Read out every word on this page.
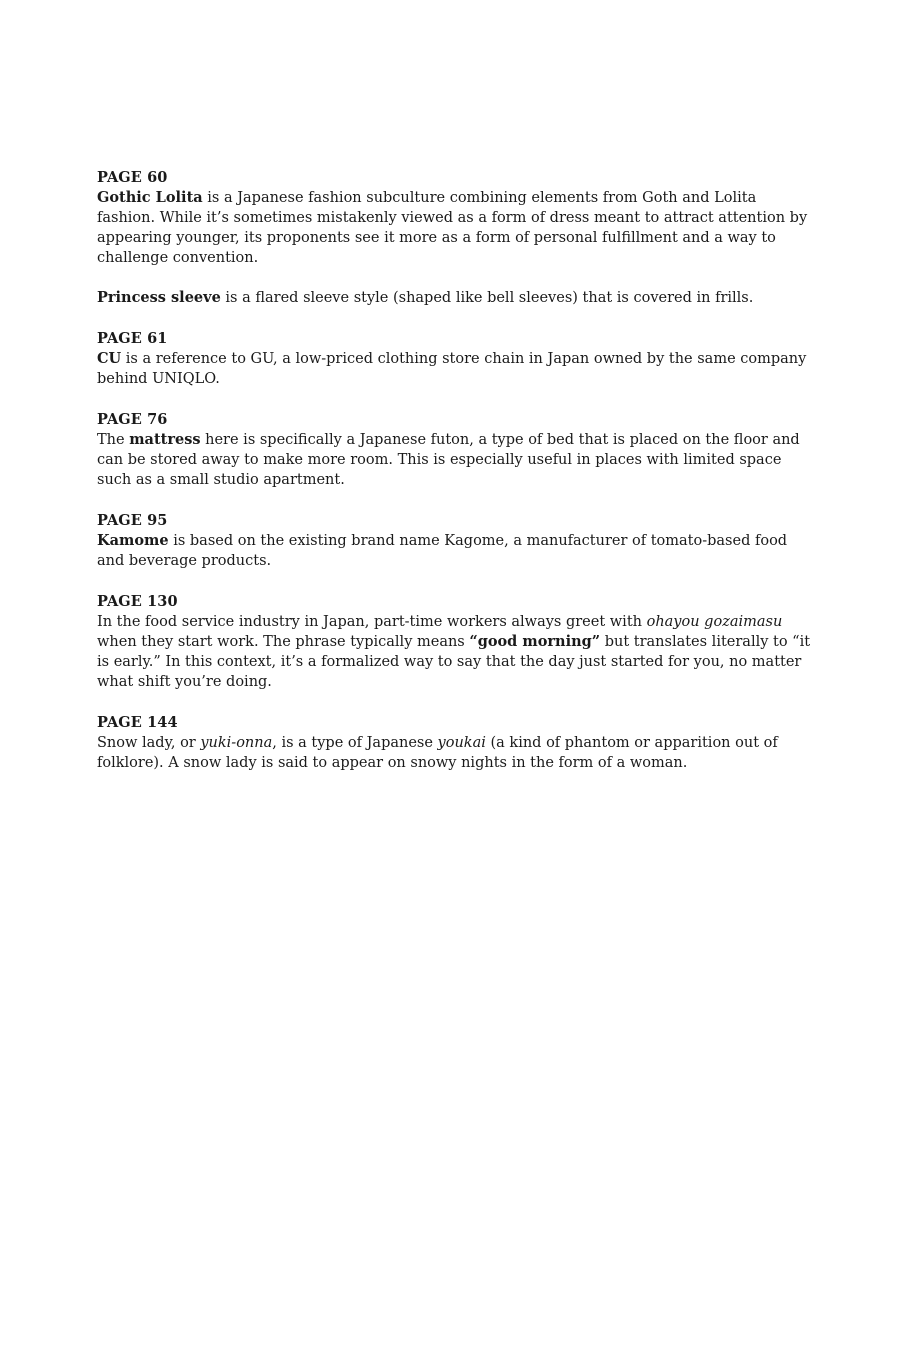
PAGE 60

Gothic Lolita is a Japanese fashion subculture combining elements from Goth and Lolita fashion. While it’s sometimes mistakenly viewed as a form of dress meant to attract attention by appearing younger, its proponents see it more as a form of personal fulfillment and a way to challenge convention.

Princess sleeve is a flared sleeve style (shaped like bell sleeves) that is covered in frills.

PAGE 61

CU is a reference to GU, a low-priced clothing store chain in Japan owned by the same company behind UNIQLO.

PAGE 76

The mattress here is specifically a Japanese futon, a type of bed that is placed on the floor and can be stored away to make more room. This is especially useful in places with limited space such as a small studio apartment.

PAGE 95

Kamome is based on the existing brand name Kagome, a manufacturer of tomato-based food and beverage products.

PAGE 130

In the food service industry in Japan, part-time workers always greet with ohayou gozaimasu when they start work. The phrase typically means “good morning” but translates literally to “it is early.” In this context, it’s a formalized way to say that the day just started for you, no matter what shift you’re doing.

PAGE 144

Snow lady, or yuki-onna, is a type of Japanese youkai (a kind of phantom or apparition out of folklore). A snow lady is said to appear on snowy nights in the form of a woman.
